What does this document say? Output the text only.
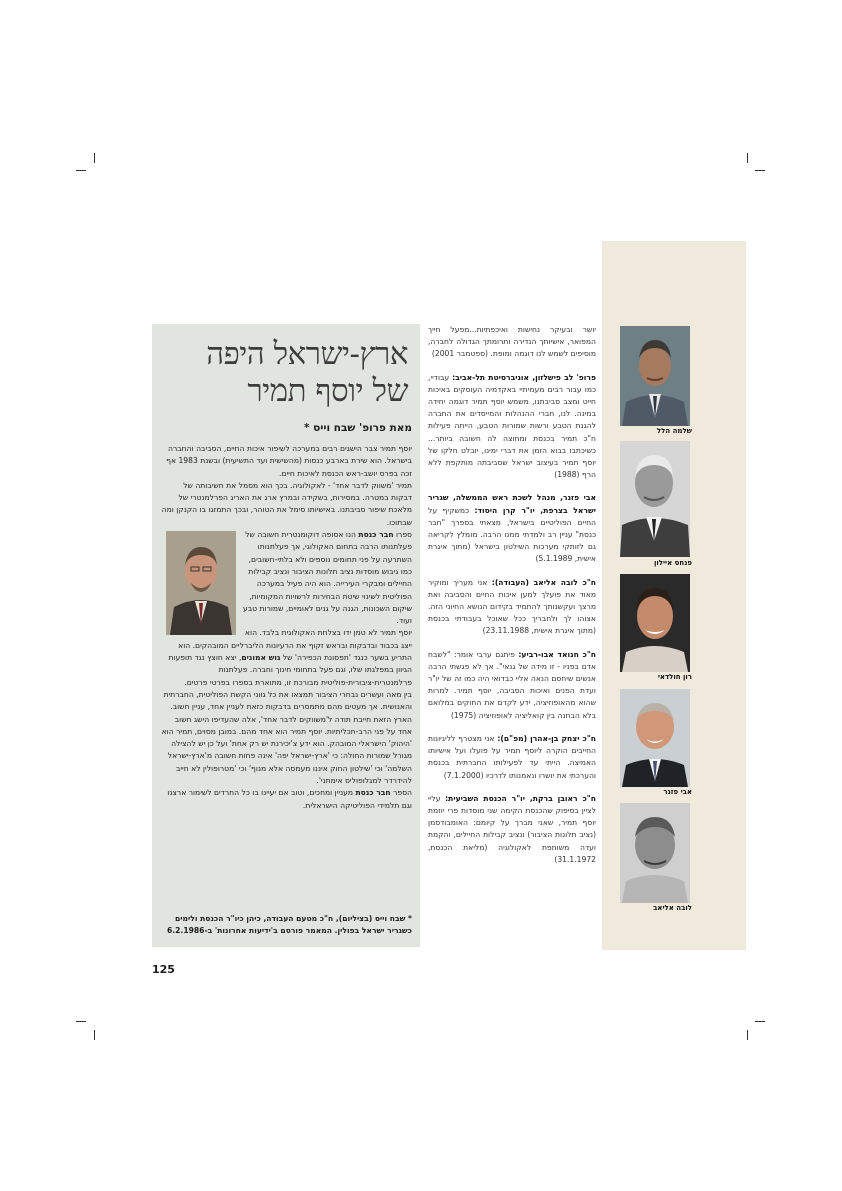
ארץ-ישראל היפה
של יוסף תמיר
מאת פרופ' שבח וייס *

יוסף תמיר צבר הישגים רבים במערכה לשיפור איכות החיים, הסביבה והחברה בישראל. הוא שירת בארבע כנסות (מהשישית ועד התשיעית) ובשנת 1983 אף זכה בפרס יושב-ראש הכנסת לאיכות חיים.

תמיר 'משווק לדבר אחד' - לאקולוגיה. בכך הוא מסמל את חשיבותה של דבקות במטרה. במסירות, בשקידה ובמרץ ארג את האריג הפרלמנטרי של מלאכת שיפור סביבתנו. באישיותו סימל את הטוהר, ובכך התמזגו בו הקנקן ומה שבתוכו.

ספרו חבר כנסת הנו אסופה דוקומנטרית חשובה של פעלתנותו הרבה בתחום האקולוגי, אך פעלתנותו השתרעה על פני תחומים נוספים ולא בלתי-חשובים, כמו גיבוש מוסדות נציב תלונות הציבור ונציב קבילות החיילים ומבקרי העירייה. הוא היה פעיל במערכה הפוליטית לשינוי שיטת הבחירות לרשויות המקומיות, שיקום השכונות, הגנה על גנים לאומיים, שמורות טבע ועוד.

יוסף תמיר לא טמן ידו בצלחת האקולוגית בלבד. הוא ייצג בכבוד ובדבקות ובראש זקוף את הרעיונות הליברליים המובהקים. הוא התריע בשער כנגד 'תפסונת הכפירה' של גוש אמונים, יצא חוצץ נגד תופעות הגיוון במפלגתו שלו, וגם פעל בתחומי חינוך וחברה. פעלתנות פרלמנטרית-ציבורית-פוליטית מבורכת זו, מתוארת בספרו בפרטי פרטים.

בין מאה ועשרים נבחרי הציבור תמצאו את כל גווני הקשת הפוליטית, החברתית והאנושית. אך מעטים מהם מתמסרים בדבקות כזאת לעניין אחד, עניין חשוב. הארץ הזאת חייבת תודה ל'משווקים לדבר אחד', אלה שהעדיפו הישג חשוב אחד על פני הרב-תכליתיות. יוסף תמיר הוא אחד מהם. במובן מסוים, תמיר הוא 'היהוק' הישראלי המובהק. הוא ידע צ'יכירנת יש רק אחת' ועל כן יש להצילה מגורל שמורות החולה: כי 'ארץ-ישראל יפה' אינה פחות חשובה מ'ארץ-ישראל השלמה' וכי 'שילטון החוק איננו מעמסה אלא מנוף' וכי 'מטרופולין לא חייב להידרדר למגלופוליס אימתני'.

הספר חבר כנסת מעניין ומחכים, וטוב אם יעיינו בו כל החרדים לשימור ארצנו וגם תלמידי הפוליטיקה הישראלית.

* שבח וייס (בציליום), ח"כ מטעם העבודה, כיהן כיו"ר הכנסת ולימים כשגריר ישראל בפולין. המאמר פורסם ב'ידיעות אחרונות' ב-6.2.1986

יושר ובעיקר נחישות ואיכפתיות...מפעל חייך המפואר, אישיותך הנדירה ותרומתך הגדולה לחברה, מוסיפים לשמש לנו דוגמה ומופת. (ספטמבר 2001)

פרופ' לב פישלזון, אוניברסיטת תל-אביב: עבודיי, כמו עבור רבים מעמיתיי באקדמיה העוסקים באיכות חייט ומצב סביבתנו, משמש יוסף תמיר דוגמה יחידה במינה. לנו, חברי ההנהלות והמייסדים את החברה להגנת הטבע ורשות שמורות הטבע, הייתה פעילות ח"כ תמיר בכנסת ומחוצה לה חשובה ביותר... כשיכתבו בבוא הזמן את דברי ימינו, יובלט חלקו של יוסף תמיר בעיצוב ישראל שסביבתה מותקפת ללא הרף (1988)

אבי פזנר, מנהל לשכת ראש הממשלה, שגריר ישראל בצרפת, יו"ר קרן היסוד: כמשקיף על החיים הפוליטיים בישראל, מצאתי בספרך "חבר כנסת" עניין רב ולמדתי ממנו הרבה. מומלץ לקריאה גם לזותקי מערכות השילטון בישראל (מתוך איגרת אישית, 5.1.1989)

ח"כ לובה אליאב (העבודה): אני מעריך ומוקיר מאוד את פועלך למען איכות החיים והסביבה ואת מרצך ועקשנותך להתמיד בקידום הנושא החיוני הזה. אצוהו לך ולחבריך ככל שאוכל בעבודתי בכנסת (מתוך איגרת אישית, 23.11.1988)

ח"כ חנואד אבו-רביע: פיתגם ערבי אומר: "לשבח אדם בפניו - זו מידה של גנאי". אך לא פגשתי הרבה אנשים שיחסם הנאה אליי כבדואי היה כמו זה של יו"ר ועדת הפנים ואיכות הסביבה, יוסף תמיר. למרות שהוא מהאופוזיציה, ידע לקדם את החוקים במלואם בלא הבחנה בין קואליציה לאופוזיציה (1975)

ח"כ יצחק בן-אהרן (מפ"ם): אני מצטרף לליגיונות החייבים הוקרה ליוסף תמיר על פועלו ועל אישיותו האמיצה. הייתי עד לפעילותו החברתית בכנסת והערכתי את יושרו ונאמנותו לדרכיו (7.1.2000)

ח"כ ראובן ברקת, יו"ר הכנסת השביעית: עליי לציין בסיפוק שהכנסת הקימה שני מוסדות פרי יוזמת יוסף תמיר, שאני מברך על קיומם: האומבודסמן (נציב תלונות הציבור) ונציב קבילות החיילים, והקמת ועדה משותפת לאקולוגיה (מליאת הכנסת, 31.1.1972)

שלמה הלל
פנחס איילון
רון חולדאי
אבי פזנר
לובה אליאב
125
